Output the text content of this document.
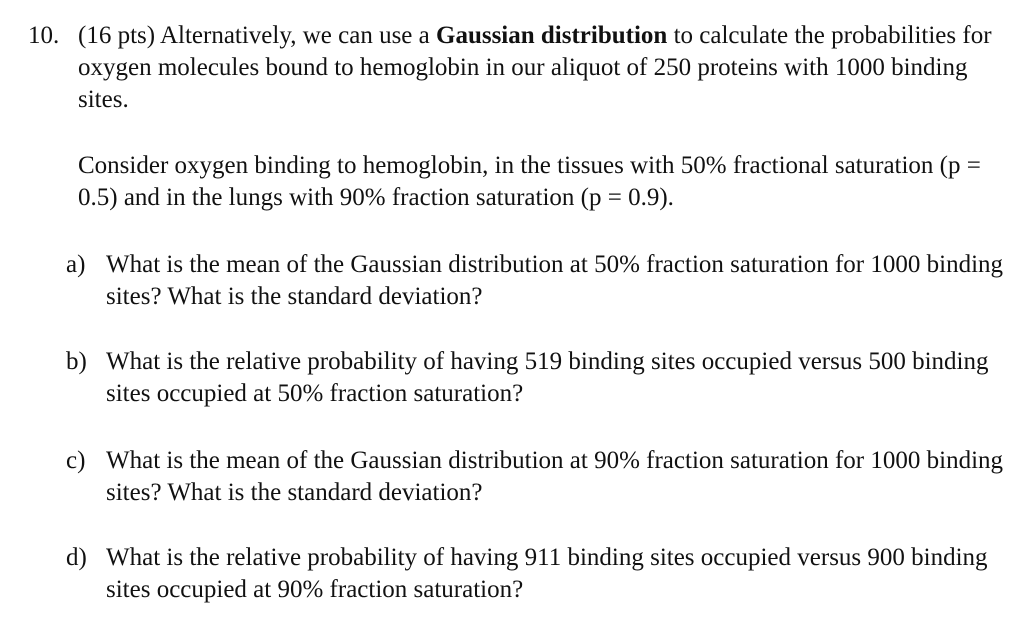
10. (16 pts) Alternatively, we can use a Gaussian distribution to calculate the probabilities for oxygen molecules bound to hemoglobin in our aliquot of 250 proteins with 1000 binding sites.
Consider oxygen binding to hemoglobin, in the tissues with 50% fractional saturation (p = 0.5) and in the lungs with 90% fraction saturation (p = 0.9).
a) What is the mean of the Gaussian distribution at 50% fraction saturation for 1000 binding sites? What is the standard deviation?
b) What is the relative probability of having 519 binding sites occupied versus 500 binding sites occupied at 50% fraction saturation?
c) What is the mean of the Gaussian distribution at 90% fraction saturation for 1000 binding sites? What is the standard deviation?
d) What is the relative probability of having 911 binding sites occupied versus 900 binding sites occupied at 90% fraction saturation?
